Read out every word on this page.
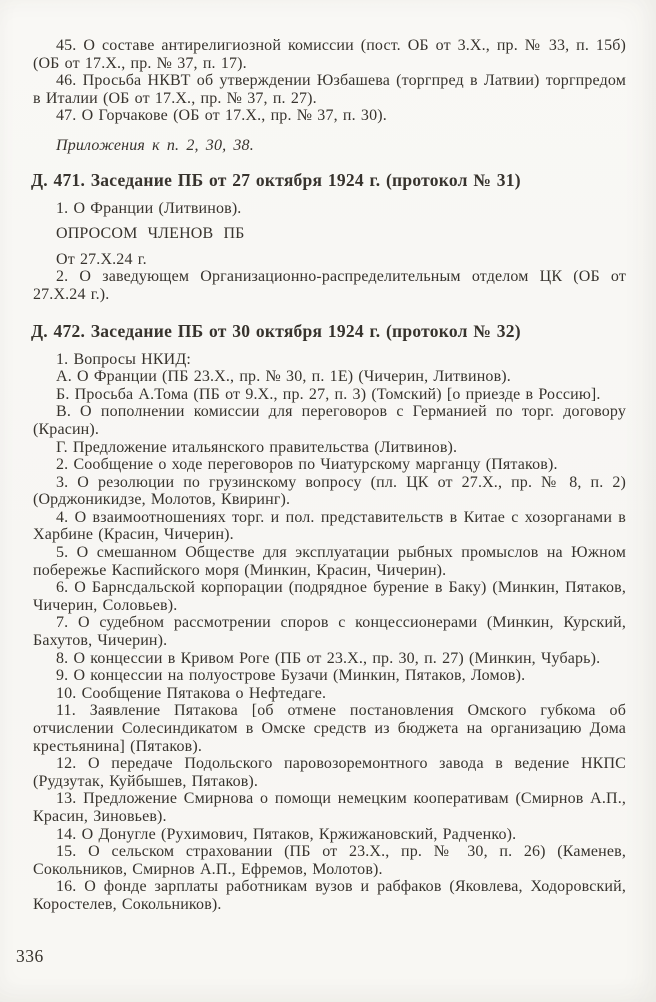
45. О составе антирелигиозной комиссии (пост. ОБ от 3.X., пр. № 33, п. 15б) (ОБ от 17.X., пр. № 37, п. 17).

46. Просьба НКВТ об утверждении Юзбашева (торгпред в Латвии) торгпредом в Италии (ОБ от 17.X., пр. № 37, п. 27).

47. О Горчакове (ОБ от 17.X., пр. № 37, п. 30).

Приложения к п. 2, 30, 38.

Д. 471. Заседание ПБ от 27 октября 1924 г. (протокол № 31)

1. О Франции (Литвинов).

ОПРОСОМ ЧЛЕНОВ ПБ

От 27.X.24 г.

2. О заведующем Организационно-распределительным отделом ЦК (ОБ от 27.X.24 г.).

Д. 472. Заседание ПБ от 30 октября 1924 г. (протокол № 32)

1. Вопросы НКИД:

А. О Франции (ПБ 23.X., пр. № 30, п. 1Е) (Чичерин, Литвинов).

Б. Просьба А.Тома (ПБ от 9.X., пр. 27, п. 3) (Томский) [о приезде в Россию].

В. О пополнении комиссии для переговоров с Германией по торг. договору (Красин).

Г. Предложение итальянского правительства (Литвинов).

2. Сообщение о ходе переговоров по Чиатурскому марганцу (Пятаков).

3. О резолюции по грузинскому вопросу (пл. ЦК от 27.X., пр. № 8, п. 2) (Орджоникидзе, Молотов, Квиринг).

4. О взаимоотношениях торг. и пол. представительств в Китае с хозорганами в Харбине (Красин, Чичерин).

5. О смешанном Обществе для эксплуатации рыбных промыслов на Южном побережье Каспийского моря (Минкин, Красин, Чичерин).

6. О Барнсдальской корпорации (подрядное бурение в Баку) (Минкин, Пятаков, Чичерин, Соловьев).

7. О судебном рассмотрении споров с концессионерами (Минкин, Курский, Бахутов, Чичерин).

8. О концессии в Кривом Роге (ПБ от 23.X., пр. 30, п. 27) (Минкин, Чубарь).

9. О концессии на полуострове Бузачи (Минкин, Пятаков, Ломов).

10. Сообщение Пятакова о Нефтедаге.

11. Заявление Пятакова [об отмене постановления Омского губкома об отчислении Солесиндикатом в Омске средств из бюджета на организацию Дома крестьянина] (Пятаков).

12. О передаче Подольского паровозоремонтного завода в ведение НКПС (Рудзутак, Куйбышев, Пятаков).

13. Предложение Смирнова о помощи немецким кооперативам (Смирнов А.П., Красин, Зиновьев).

14. О Донугле (Рухимович, Пятаков, Кржижановский, Радченко).

15. О сельском страховании (ПБ от 23.X., пр. № 30, п. 26) (Каменев, Сокольников, Смирнов А.П., Ефремов, Молотов).

16. О фонде зарплаты работникам вузов и рабфаков (Яковлева, Ходоровский, Коростелев, Сокольников).

336
